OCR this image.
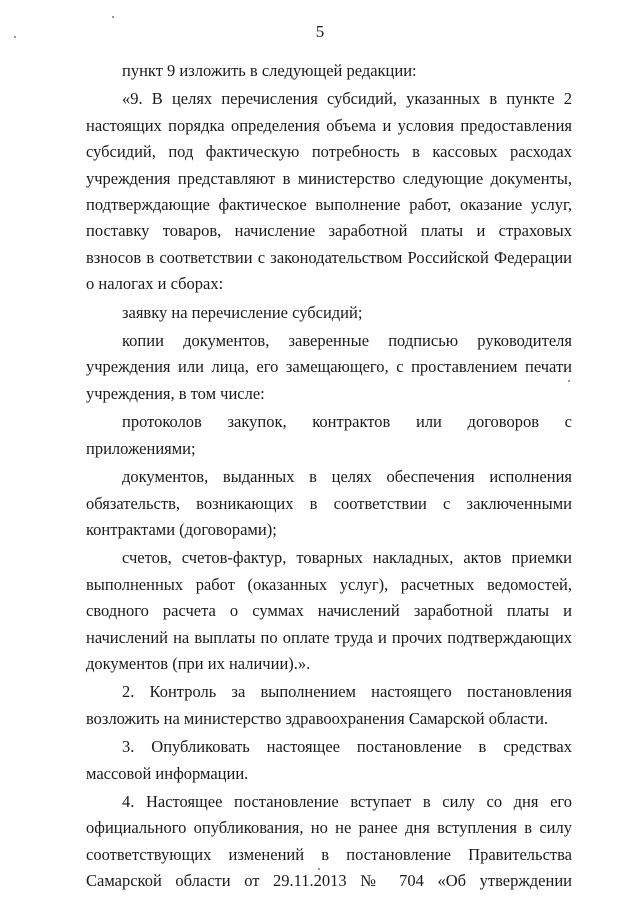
5

пункт 9 изложить в следующей редакции:

«9. В целях перечисления субсидий, указанных в пункте 2 настоящих порядка определения объема и условия предоставления субсидий, под фактическую потребность в кассовых расходах учреждения представляют в министерство следующие документы, подтверждающие фактическое выполнение работ, оказание услуг, поставку товаров, начисление заработной платы и страховых взносов в соответствии с законодательством Российской Федерации о налогах и сборах:

заявку на перечисление субсидий;

копии документов, заверенные подписью руководителя учреждения или лица, его замещающего, с проставлением печати учреждения, в том числе:

протоколов закупок, контрактов или договоров с приложениями;

документов, выданных в целях обеспечения исполнения обязательств, возникающих в соответствии с заключенными контрактами (договорами);

счетов, счетов-фактур, товарных накладных, актов приемки выполненных работ (оказанных услуг), расчетных ведомостей, сводного расчета о суммах начислений заработной платы и начислений на выплаты по оплате труда и прочих подтверждающих документов (при их наличии).».

2. Контроль за выполнением настоящего постановления возложить на министерство здравоохранения Самарской области.

3. Опубликовать настоящее постановление в средствах массовой информации.

4. Настоящее постановление вступает в силу со дня его официального опубликования, но не ранее дня вступления в силу соответствующих изменений в постановление Правительства Самарской области от 29.11.2013 № 704 «Об утверждении
